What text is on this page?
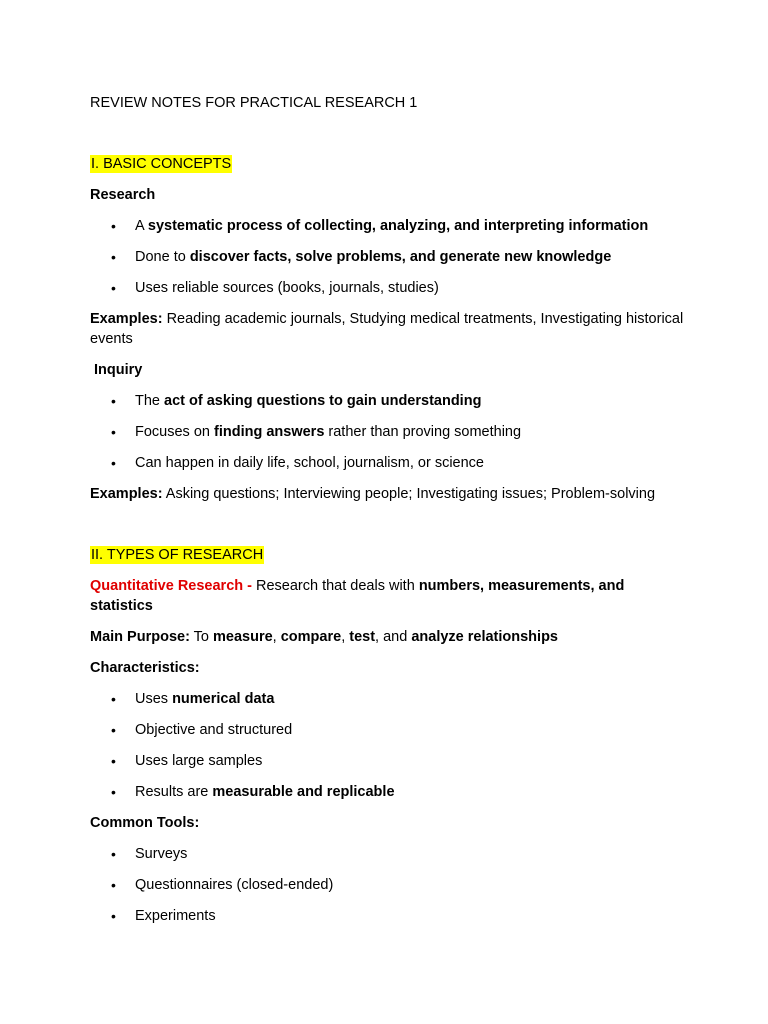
REVIEW NOTES FOR PRACTICAL RESEARCH 1

I. BASIC CONCEPTS

Research

• A systematic process of collecting, analyzing, and interpreting information
• Done to discover facts, solve problems, and generate new knowledge
• Uses reliable sources (books, journals, studies)

Examples: Reading academic journals, Studying medical treatments, Investigating historical events

Inquiry

• The act of asking questions to gain understanding
• Focuses on finding answers rather than proving something
• Can happen in daily life, school, journalism, or science

Examples: Asking questions; Interviewing people; Investigating issues; Problem-solving

II. TYPES OF RESEARCH

Quantitative Research - Research that deals with numbers, measurements, and statistics

Main Purpose: To measure, compare, test, and analyze relationships

Characteristics:

• Uses numerical data
• Objective and structured
• Uses large samples
• Results are measurable and replicable

Common Tools:

• Surveys
• Questionnaires (closed-ended)
• Experiments
